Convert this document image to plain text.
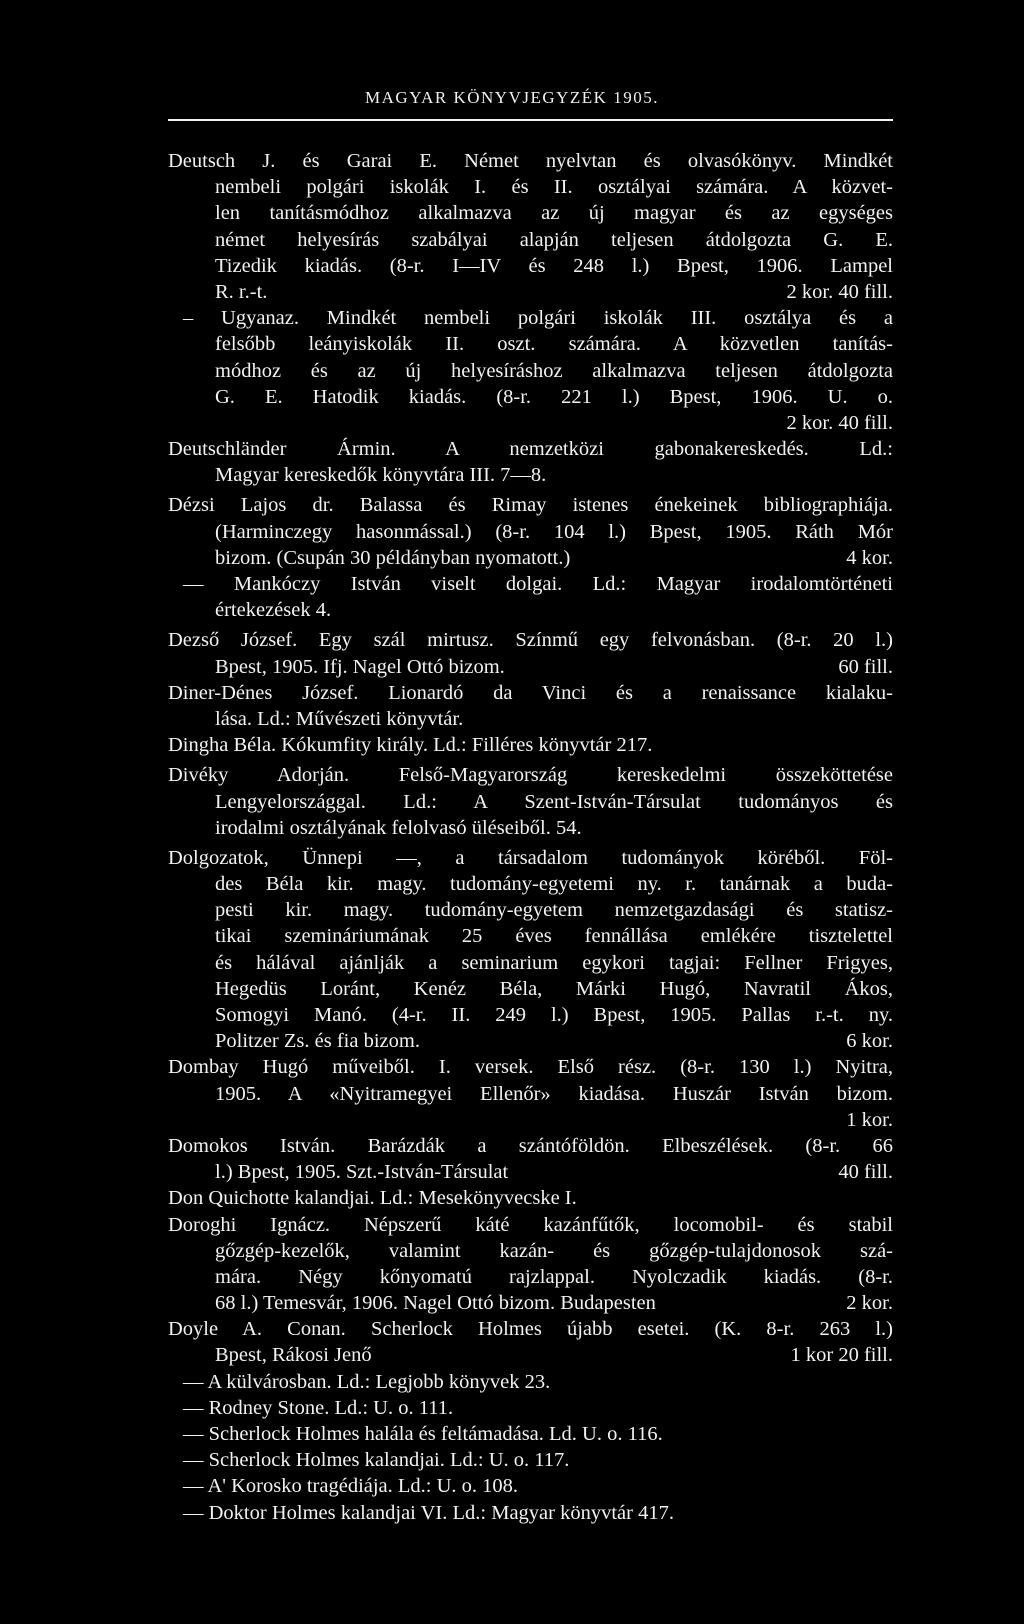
MAGYAR KÖNYVJEGYZÉK 1905.
Deutsch J. és Garai E. Német nyelvtan és olvasókönyv. Mindkét
nembeli polgári iskolák I. és II. osztályai számára. A közvet-
len tanításmódhoz alkalmazva az új magyar és az egységes
német helyesírás szabályai alapján teljesen átdolgozta G. E.
Tizedik kiadás. (8-r. I—IV és 248 l.) Bpest, 1906. Lampel
R. r.-t.	2 kor. 40 fill.
– Ugyanaz. Mindkét nembeli polgári iskolák III. osztálya és a
felsőbb leányiskolák II. oszt. számára. A közvetlen tanítás-
módhoz és az új helyesíráshoz alkalmazva teljesen átdolgozta
G. E. Hatodik kiadás. (8-r. 221 l.) Bpest, 1906. U. o.
2 kor. 40 fill.
Deutschländer Ármin. A nemzetközi gabonakereskedés. Ld.:
Magyar kereskedők könyvtára III. 7—8.
Dézsi Lajos dr. Balassa és Rimay istenes énekeinek bibliographiája.
(Harminczegy hasonmással.) (8-r. 104 l.) Bpest, 1905. Ráth Mór
bizom. (Csupán 30 példányban nyomatott.)	4 kor.
— Mankóczy István viselt dolgai. Ld.: Magyar irodalomtörténeti
értekezések 4.
Dezső József. Egy szál mirtusz. Színmű egy felvonásban. (8-r. 20 l.)
Bpest, 1905. Ifj. Nagel Ottó bizom.	60 fill.
Diner-Dénes József. Lionardó da Vinci és a renaissance kialaku-
lása. Ld.: Művészeti könyvtár.
Dingha Béla. Kókumfity király. Ld.: Filléres könyvtár 217.
Divéky Adorján. Felső-Magyarország kereskedelmi összeköttetése
Lengyelországgal. Ld.: A Szent-István-Társulat tudományos és
irodalmi osztályának felolvasó üléseiből. 54.
Dolgozatok, Ünnepi —, a társadalom tudományok köréből. Föl-
des Béla kir. magy. tudomány-egyetemi ny. r. tanárnak a buda-
pesti kir. magy. tudomány-egyetem nemzetgazdasági és statisz-
tikai szemináriumának 25 éves fennállása emlékére tisztelettel
és hálával ajánlják a seminarium egykori tagjai: Fellner Frigyes,
Hegedüs Loránt, Kenéz Béla, Márki Hugó, Navratil Ákos,
Somogyi Manó. (4-r. II. 249 l.) Bpest, 1905. Pallas r.-t. ny.
Politzer Zs. és fia bizom.	6 kor.
Dombay Hugó műveiből. I. versek. Első rész. (8-r. 130 l.) Nyitra,
1905. A «Nyitramegyei Ellenőr» kiadása. Huszár István bizom.
1 kor.
Domokos István. Barázdák a szántóföldön. Elbeszélések. (8-r. 66
l.) Bpest, 1905. Szt.-István-Társulat	40 fill.
Don Quichotte kalandjai. Ld.: Mesekönyvecske I.
Doroghi Ignácz. Népszerű káté kazánfűtők, locomobil- és stabil
gőzgép-kezelők, valamint kazán- és gőzgép-tulajdonosok szá-
mára. Négy kőnyomatú rajzlappal. Nyolczadik kiadás. (8-r.
68 l.) Temesvár, 1906. Nagel Ottó bizom. Budapesten	2 kor.
Doyle A. Conan. Scherlock Holmes újabb esetei. (K. 8-r. 263 l.)
Bpest, Rákosi Jenő	1 kor 20 fill.
— A külvárosban. Ld.: Legjobb könyvek 23.
— Rodney Stone. Ld.: U. o. 111.
— Scherlock Holmes halála és feltámadása. Ld. U. o. 116.
— Scherlock Holmes kalandjai. Ld.: U. o. 117.
— A' Korosko tragédiája. Ld.: U. o. 108.
— Doktor Holmes kalandjai VI. Ld.: Magyar könyvtár 417.
